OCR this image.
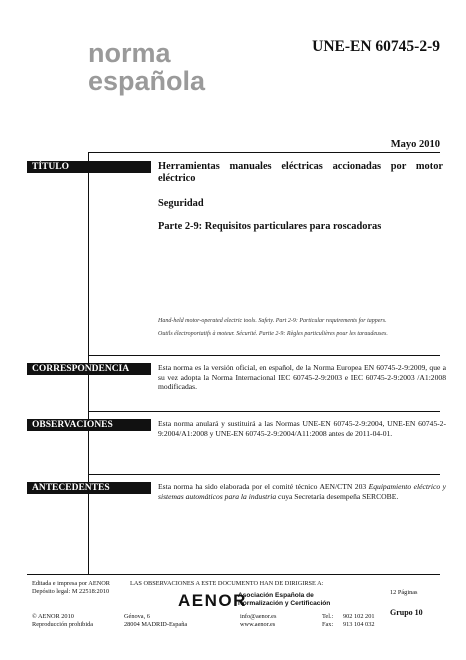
norma
española
UNE-EN 60745-2-9
Mayo 2010
TÍTULO	Herramientas manuales eléctricas accionadas por motor eléctrico
Seguridad
Parte 2-9: Requisitos particulares para roscadoras
Hand-held motor-operated electric tools. Safety. Part 2-9: Particular requirements for tappers.
Outils électroportatifs à moteur. Sécurité. Partie 2-9: Règles particulières pour les taraudeuses.
CORRESPONDENCIA	Esta norma es la versión oficial, en español, de la Norma Europea EN 60745-2-9:2009, que a su vez adopta la Norma Internacional IEC 60745-2-9:2003 e IEC 60745-2-9:2003 /A1:2008 modificadas.
OBSERVACIONES	Esta norma anulará y sustituirá a las Normas UNE-EN 60745-2-9:2004, UNE-EN 60745-2-9:2004/A1:2008 y UNE-EN 60745-2-9:2004/A11:2008 antes de 2011-04-01.
ANTECEDENTES	Esta norma ha sido elaborada por el comité técnico AEN/CTN 203 Equipamiento eléctrico y sistemas automáticos para la industria cuya Secretaría desempeña SERCOBE.
Editada e impresa por AENOR
Depósito legal: M 22518:2010
LAS OBSERVACIONES A ESTE DOCUMENTO HAN DE DIRIGIRSE A:
AENOR
Asociación Española de
Normalización y Certificación
12 Páginas
Grupo 10
© AENOR 2010
Reproducción prohibida
Génova, 6
28004 MADRID-España
info@aenor.es
www.aenor.es
Tel.: 902 102 201
Fax: 913 104 032
